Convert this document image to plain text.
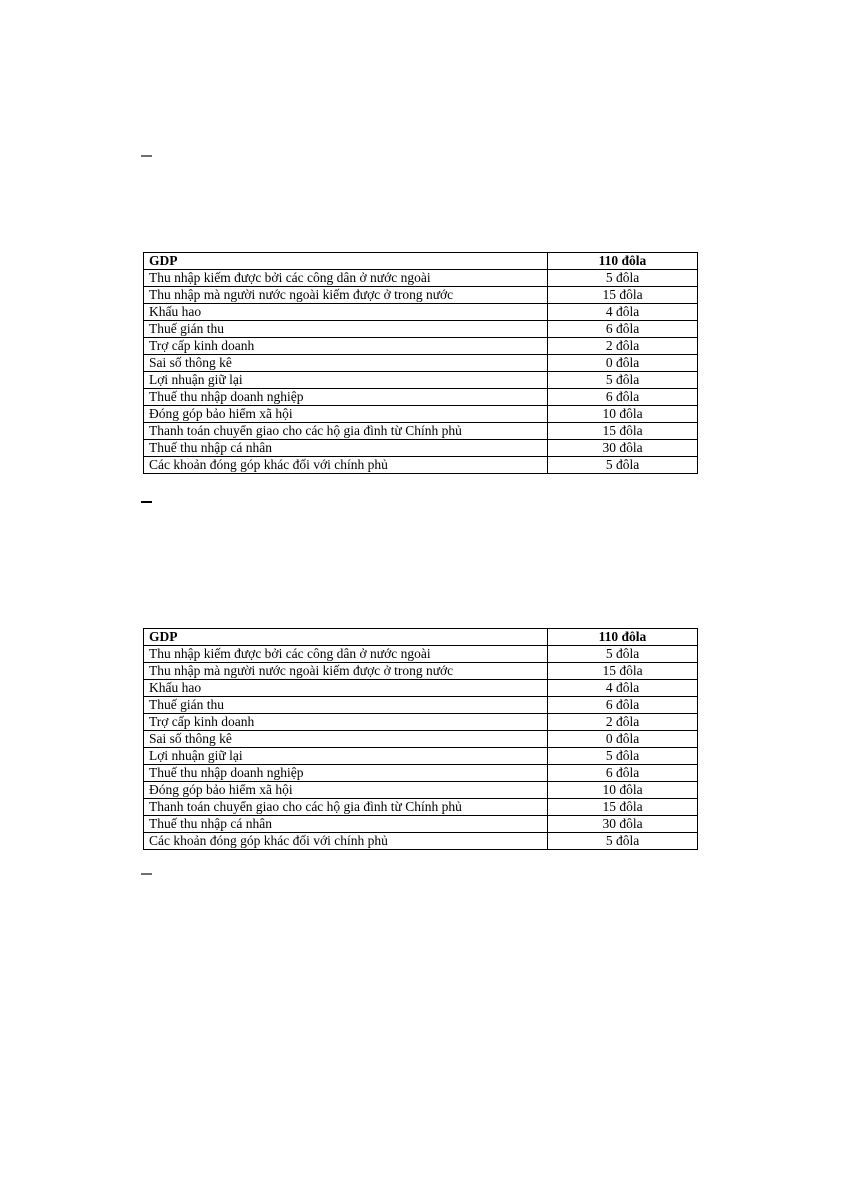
GDP	110 đôla
Thu nhập kiếm được bởi các công dân ở nước ngoài	5 đôla
Thu nhập mà người nước ngoài kiếm được ở trong nước	15 đôla
Khấu hao	4 đôla
Thuế gián thu	6 đôla
Trợ cấp kinh doanh	2 đôla
Sai số thông kê	0 đôla
Lợi nhuận giữ lại	5 đôla
Thuế thu nhập doanh nghiệp	6 đôla
Đóng góp bảo hiểm xã hội	10 đôla
Thanh toán chuyển giao cho các hộ gia đình từ Chính phủ	15 đôla
Thuế thu nhập cá nhân	30 đôla
Các khoản đóng góp khác đối với chính phủ	5 đôla
GDP	110 đôla
Thu nhập kiếm được bởi các công dân ở nước ngoài	5 đôla
Thu nhập mà người nước ngoài kiếm được ở trong nước	15 đôla
Khấu hao	4 đôla
Thuế gián thu	6 đôla
Trợ cấp kinh doanh	2 đôla
Sai số thông kê	0 đôla
Lợi nhuận giữ lại	5 đôla
Thuế thu nhập doanh nghiệp	6 đôla
Đóng góp bảo hiểm xã hội	10 đôla
Thanh toán chuyển giao cho các hộ gia đình từ Chính phủ	15 đôla
Thuế thu nhập cá nhân	30 đôla
Các khoản đóng góp khác đối với chính phủ	5 đôla
